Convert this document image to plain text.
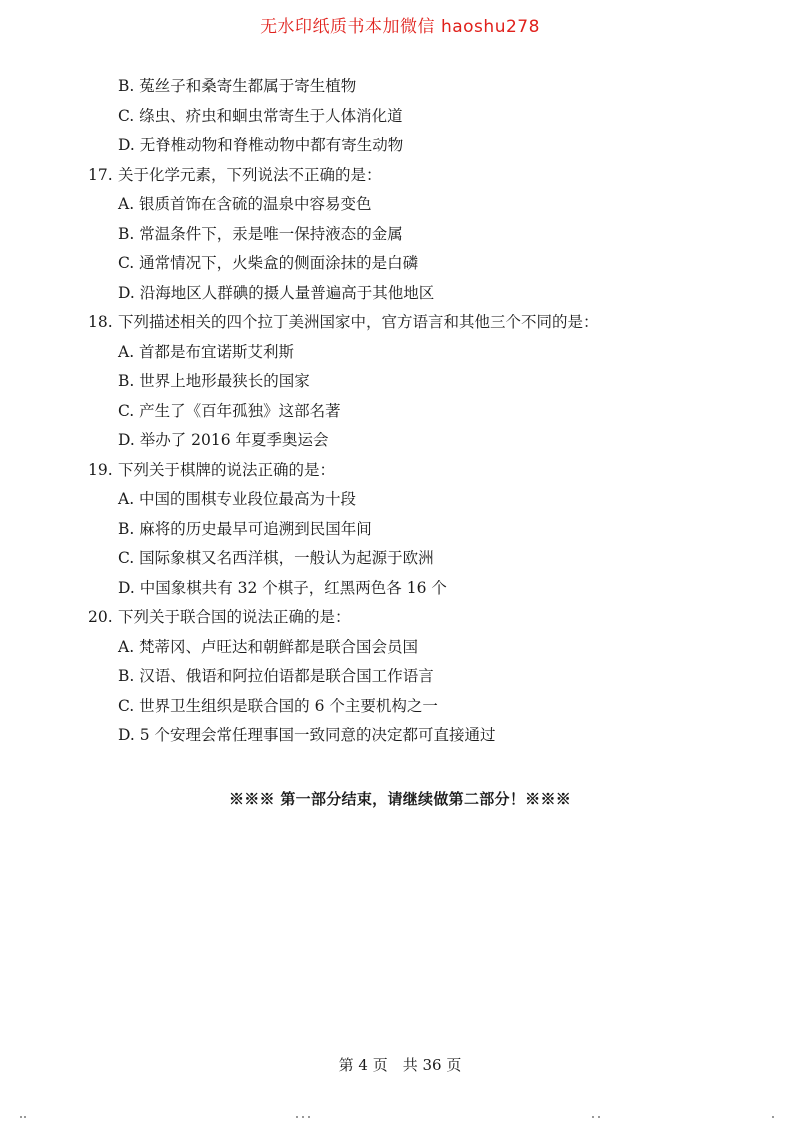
无水印纸质书本加微信 haoshu278
B. 菟丝子和桑寄生都属于寄生植物
C. 绦虫、疥虫和蛔虫常寄生于人体消化道
D. 无脊椎动物和脊椎动物中都有寄生动物
17. 关于化学元素，下列说法不正确的是：
A. 银质首饰在含硫的温泉中容易变色
B. 常温条件下，汞是唯一保持液态的金属
C. 通常情况下，火柴盒的侧面涂抹的是白磷
D. 沿海地区人群碘的摄人量普遍高于其他地区
18. 下列描述相关的四个拉丁美洲国家中，官方语言和其他三个不同的是：
A. 首都是布宜诺斯艾利斯
B. 世界上地形最狭长的国家
C. 产生了《百年孤独》这部名著
D. 举办了 2016 年夏季奥运会
19. 下列关于棋牌的说法正确的是：
A. 中国的围棋专业段位最高为十段
B. 麻将的历史最早可追溯到民国年间
C. 国际象棋又名西洋棋，一般认为起源于欧洲
D. 中国象棋共有 32 个棋子，红黑两色各 16 个
20. 下列关于联合国的说法正确的是：
A. 梵蒂冈、卢旺达和朝鲜都是联合国会员国
B. 汉语、俄语和阿拉伯语都是联合国工作语言
C. 世界卫生组织是联合国的 6 个主要机构之一
D. 5 个安理会常任理事国一致同意的决定都可直接通过
※※※ 第一部分结束，请继续做第二部分！※※※
第 4 页　共 36 页
